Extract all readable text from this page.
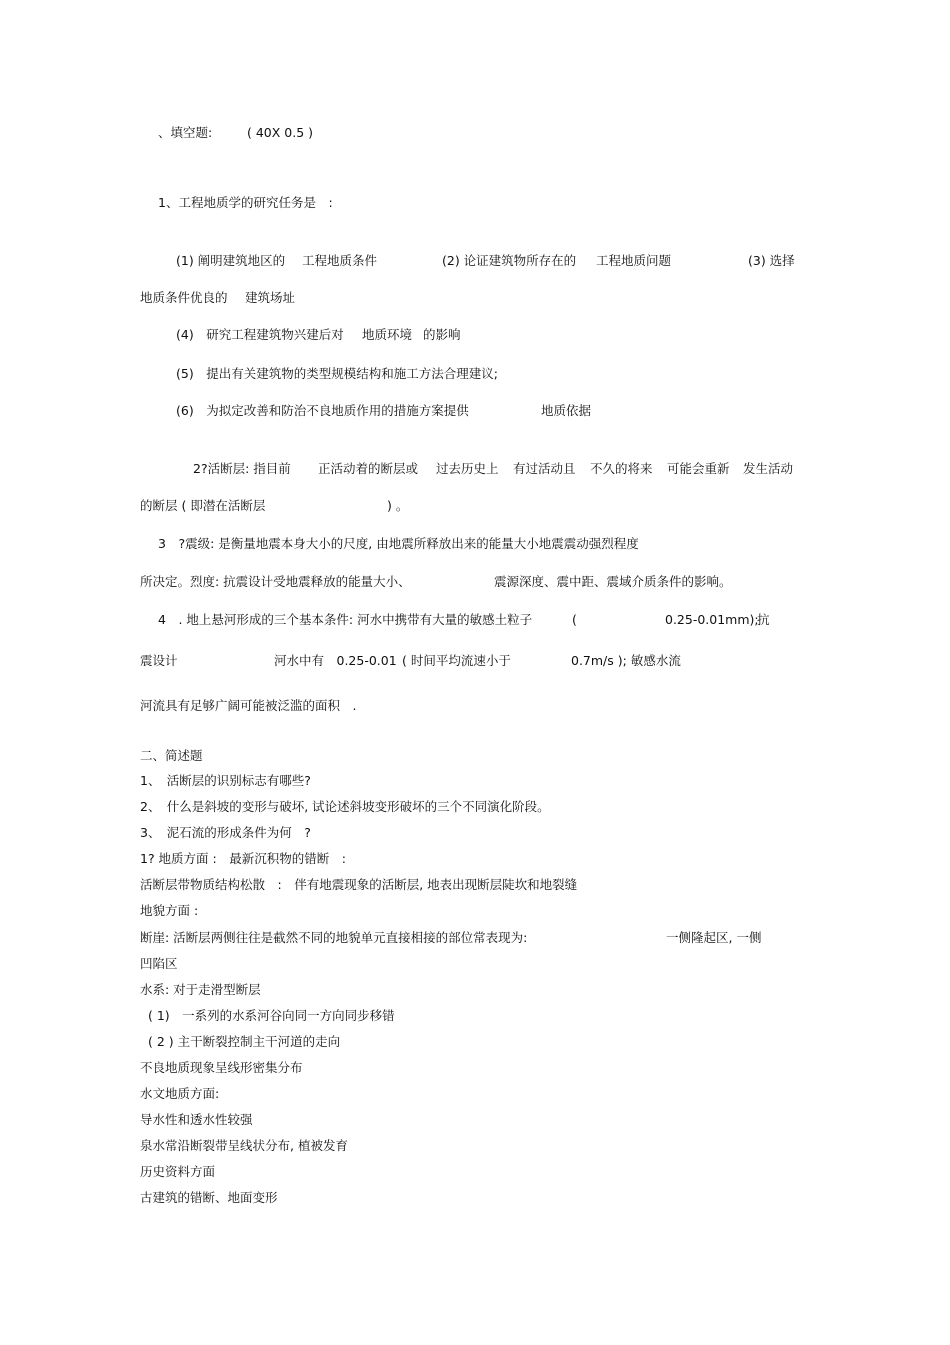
、填空题:	( 40X 0.5 )
1、工程地质学的研究任务是　:
(1) 阐明建筑地区的 工程地质条件	(2) 论证建筑物所存在的 工程地质问题	(3) 选择
地质条件优良的 建筑场址
(4)　研究工程建筑物兴建后对 地质环境 的影响
(5)　提出有关建筑物的类型规模结构和施工方法合理建议;
(6)　为拟定改善和防治不良地质作用的措施方案提供	地质依据
2?活断层: 指目前 正活动着的断层或 过去历史上 有过活动且 不久的将来 可能会重新 发生活动
的断层 ( 即潜在活断层	) 。
3　?震级: 是衡量地震本身大小的尺度, 由地震所释放出来的能量大小地震震动强烈程度
所决定。烈度: 抗震设计受地震释放的能量大小、	震源深度、震中距、震域介质条件的影响。
4　. 地上悬河形成的三个基本条件: 河水中携带有大量的敏感土粒子	(	0.25-0.01mm);
抗
震设计	河水中有　0.25-0.01 ( 时间平均流速小于	0.7m/s ); 敏感水流
河流具有足够广阔可能被泛滥的面积　.
二、简述题
1、　活断层的识别标志有哪些?
2、　什么是斜坡的变形与破坏, 试论述斜坡变形破坏的三个不同演化阶段。
3、　泥石流的形成条件为何　?
1? 地质方面 :　最新沉积物的错断　:
活断层带物质结构松散　:　伴有地震现象的活断层, 地表出现断层陡坎和地裂缝
地貌方面 :
断崖: 活断层两侧往往是截然不同的地貌单元直接相接的部位常表现为:	一侧隆起区, 一侧
凹陷区
水系: 对于走滑型断层
( 1)　一系列的水系河谷向同一方向同步移错
( 2 ) 主干断裂控制主干河道的走向
不良地质现象呈线形密集分布
水文地质方面:
导水性和透水性较强
泉水常沿断裂带呈线状分布, 植被发育
历史资料方面
古建筑的错断、地面变形
